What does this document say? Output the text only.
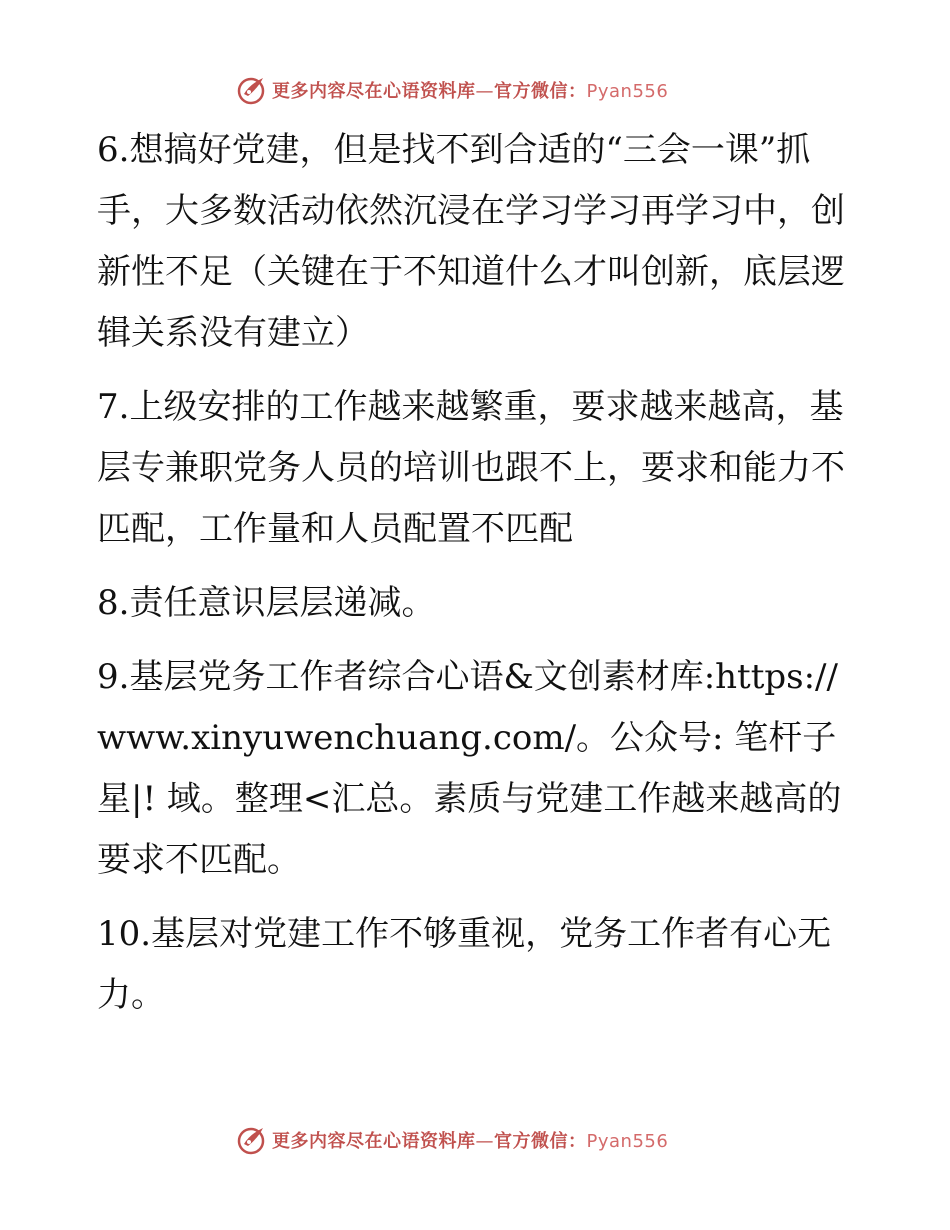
更多内容尽在心语资料库—官方微信：Pyan556

6.想搞好党建，但是找不到合适的“三会一课”抓手，大多数活动依然沉浸在学习学习再学习中，创新性不足（关键在于不知道什么才叫创新，底层逻辑关系没有建立）

7.上级安排的工作越来越繁重，要求越来越高，基层专兼职党务人员的培训也跟不上，要求和能力不匹配，工作量和人员配置不匹配

8.责任意识层层递减。

9.基层党务工作者综合心语&文创素材库:https://www.xinyuwenchuang.com/。公众号: 笔杆子星|! 域。整理<汇总。素质与党建工作越来越高的要求不匹配。

10.基层对党建工作不够重视，党务工作者有心无力。

更多内容尽在心语资料库—官方微信：Pyan556
